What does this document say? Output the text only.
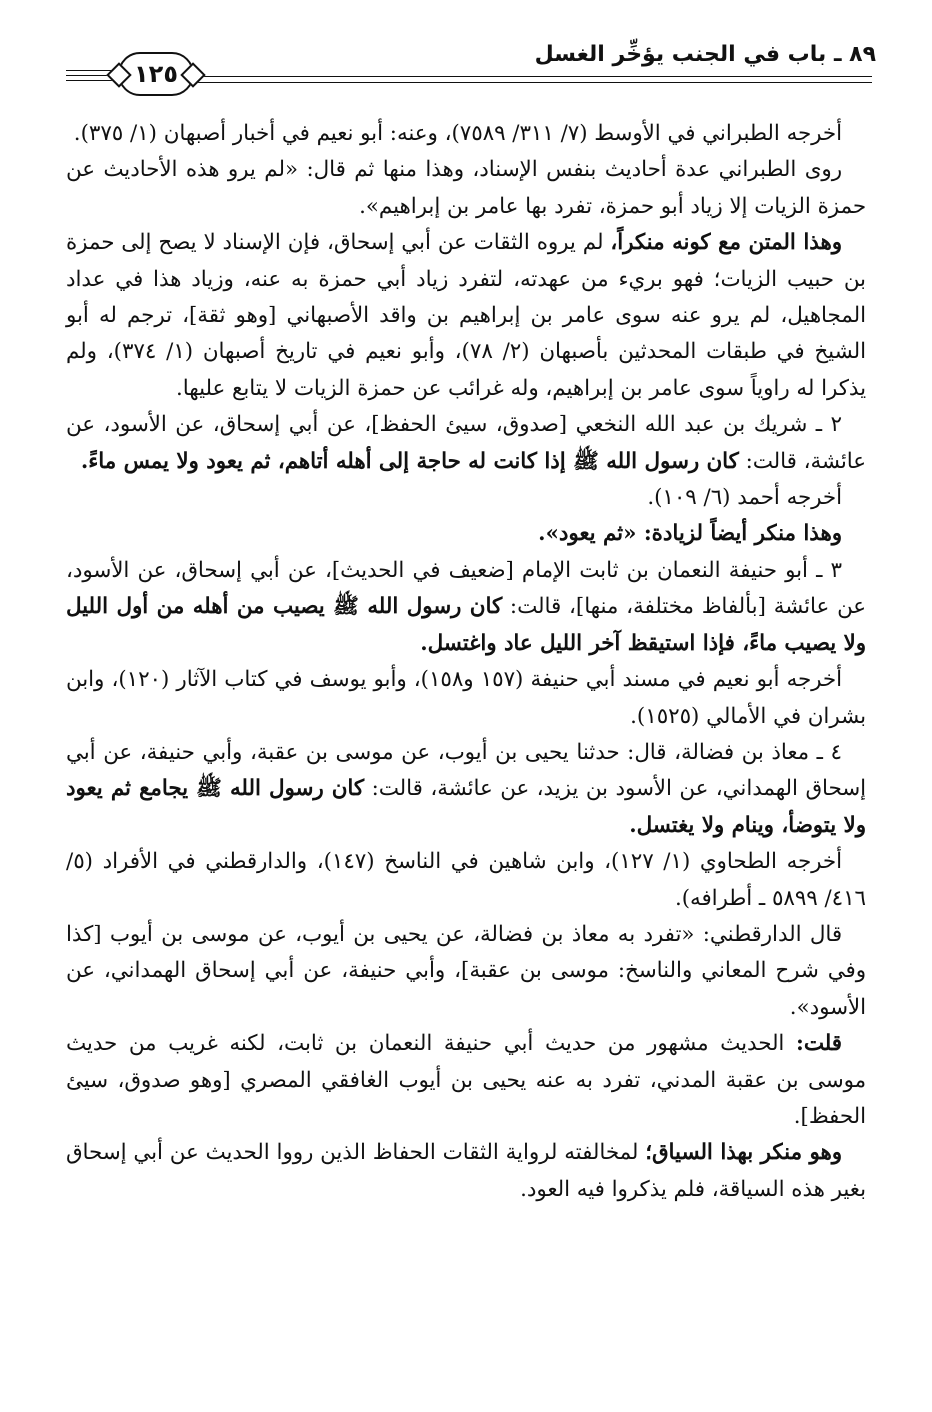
٨٩ ـ باب في الجنب يؤخِّر الغسل
١٢٥

أخرجه الطبراني في الأوسط (٧/ ٣١١/ ٧٥٨٩)، وعنه: أبو نعيم في أخبار أصبهان (١/ ٣٧٥).

روى الطبراني عدة أحاديث بنفس الإسناد، وهذا منها ثم قال: «لم يرو هذه الأحاديث عن حمزة الزيات إلا زياد أبو حمزة، تفرد بها عامر بن إبراهيم».

وهذا المتن مع كونه منكراً، لم يروه الثقات عن أبي إسحاق، فإن الإسناد لا يصح إلى حمزة بن حبيب الزيات؛ فهو بريء من عهدته، لتفرد زياد أبي حمزة به عنه، وزياد هذا في عداد المجاهيل، لم يرو عنه سوى عامر بن إبراهيم بن واقد الأصبهاني [وهو ثقة]، ترجم له أبو الشيخ في طبقات المحدثين بأصبهان (٢/ ٧٨)، وأبو نعيم في تاريخ أصبهان (١/ ٣٧٤)، ولم يذكرا له راوياً سوى عامر بن إبراهيم، وله غرائب عن حمزة الزيات لا يتابع عليها.

٢ ـ شريك بن عبد الله النخعي [صدوق، سيئ الحفظ]، عن أبي إسحاق، عن الأسود، عن عائشة، قالت: كان رسول الله ﷺ إذا كانت له حاجة إلى أهله أتاهم، ثم يعود ولا يمس ماءً.

أخرجه أحمد (٦/ ١٠٩).

وهذا منكر أيضاً لزيادة: «ثم يعود».

٣ ـ أبو حنيفة النعمان بن ثابت الإمام [ضعيف في الحديث]، عن أبي إسحاق، عن الأسود، عن عائشة [بألفاظ مختلفة، منها]، قالت: كان رسول الله ﷺ يصيب من أهله من أول الليل ولا يصيب ماءً، فإذا استيقظ آخر الليل عاد واغتسل.

أخرجه أبو نعيم في مسند أبي حنيفة (١٥٧ و١٥٨)، وأبو يوسف في كتاب الآثار (١٢٠)، وابن بشران في الأمالي (١٥٢٥).

٤ ـ معاذ بن فضالة، قال: حدثنا يحيى بن أيوب، عن موسى بن عقبة، وأبي حنيفة، عن أبي إسحاق الهمداني، عن الأسود بن يزيد، عن عائشة، قالت: كان رسول الله ﷺ يجامع ثم يعود ولا يتوضأ، وينام ولا يغتسل.

أخرجه الطحاوي (١/ ١٢٧)، وابن شاهين في الناسخ (١٤٧)، والدارقطني في الأفراد (٥/ ٤١٦/ ٥٨٩٩ ـ أطرافه).

قال الدارقطني: «تفرد به معاذ بن فضالة، عن يحيى بن أيوب، عن موسى بن أيوب [كذا وفي شرح المعاني والناسخ: موسى بن عقبة]، وأبي حنيفة، عن أبي إسحاق الهمداني، عن الأسود».

قلت: الحديث مشهور من حديث أبي حنيفة النعمان بن ثابت، لكنه غريب من حديث موسى بن عقبة المدني، تفرد به عنه يحيى بن أيوب الغافقي المصري [وهو صدوق، سيئ الحفظ].

وهو منكر بهذا السياق؛ لمخالفته لرواية الثقات الحفاظ الذين رووا الحديث عن أبي إسحاق بغير هذه السياقة، فلم يذكروا فيه العود.
